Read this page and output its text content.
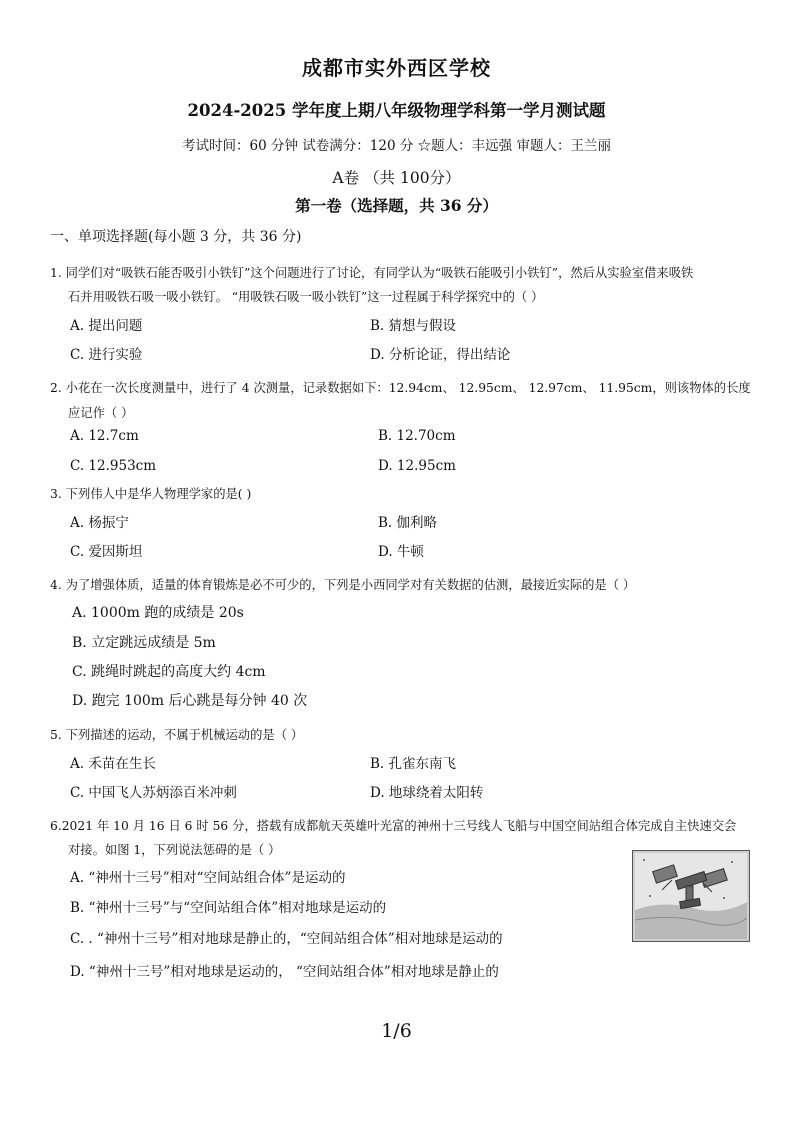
成都市实外西区学校
2024-2025 学年度上期八年级物理学科第一学月测试题
考试时间：60 分钟 试卷满分：120 分 ☆题人：丰远强 审题人：王兰丽
A卷 （共 100分）
第一卷（选择题，共 36 分）
一、单项选择题(每小题 3 分，共 36 分)
1. 同学们对“吸铁石能否吸引小铁钉”这个问题进行了讨论，有同学认为“吸铁石能吸引小铁钉”，然后从实验室借来吸铁
石并用吸铁石吸一吸小铁钉。 “用吸铁石吸一吸小铁钉”这一过程属于科学探究中的（ ）
A. 提出问题	B. 猜想与假设
C. 进行实验	D. 分析论证，得出结论
2. 小花在一次长度测量中，进行了 4 次测量，记录数据如下：12.94cm、 12.95cm、 12.97cm、 11.95cm，则该物体的长度
应记作（ ）
A. 12.7cm	B. 12.70cm
C. 12.953cm	D. 12.95cm
3. 下列伟人中是华人物理学家的是( )
A. 杨振宁	B. 伽利略
C. 爱因斯坦	D. 牛顿
4. 为了增强体质，适量的体育锻炼是必不可少的，下列是小西同学对有关数据的估测，最接近实际的是（ ）
A. 1000m 跑的成绩是 20s
B. 立定跳远成绩是 5m
C. 跳绳时跳起的高度大约 4cm
D. 跑完 100m 后心跳是每分钟 40 次
5. 下列描述的运动，不属于机械运动的是（ ）
A. 禾苗在生长	B. 孔雀东南飞
C. 中国飞人苏炳添百米冲刺	D. 地球绕着太阳转
6.2021 年 10 月 16 日 6 时 56 分，搭载有成都航天英雄叶光富的神州十三号线人飞船与中国空间站组合体完成自主快速交会
对接。如图 1，下列说法惩碍的是（ ）
A. “神州十三号”相对“空间站组合体”是运动的
B. “神州十三号”与“空间站组合体”相对地球是运动的
C. . “神州十三号”相对地球是静止的，“空间站组合体”相对地球是运动的
D. “神州十三号”相对地球是运动的， “空间站组合体”相对地球是静止的
1/6
